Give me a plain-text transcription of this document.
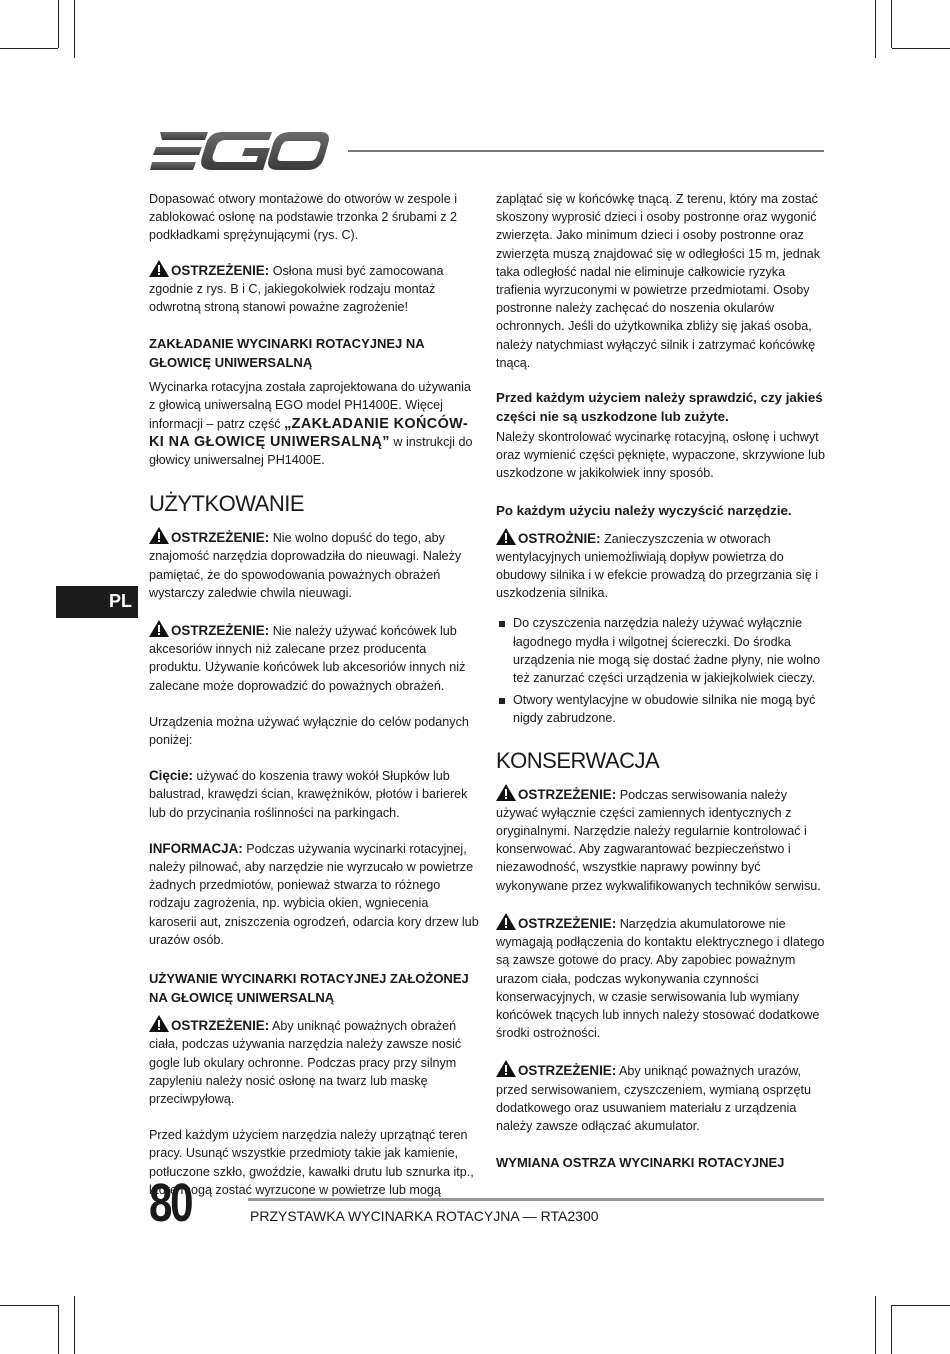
PL

Dopasować otwory montażowe do otworów w zespole i zablokować osłonę na podstawie trzonka 2 śrubami z 2 podkładkami sprężynującymi (rys. C).

OSTRZEŻENIE: Osłona musi być zamocowana zgodnie z rys. B i C, jakiegokolwiek rodzaju montaż odwrotną stroną stanowi poważne zagrożenie!

ZAKŁADANIE WYCINARKI ROTACYJNEJ NA GŁOWICĘ UNIWERSALNĄ

Wycinarka rotacyjna została zaprojektowana do używania z głowicą uniwersalną EGO model PH1400E. Więcej informacji – patrz część „ZAKŁADANIE KOŃCÓW-KI NA GŁOWICĘ UNIWERSALNĄ” w instrukcji do głowicy uniwersalnej PH1400E.

UŻYTKOWANIE

OSTRZEŻENIE: Nie wolno dopuść do tego, aby znajomość narzędzia doprowadziła do nieuwagi. Należy pamiętać, że do spowodowania poważnych obrażeń wystarczy zaledwie chwila nieuwagi.

OSTRZEŻENIE: Nie należy używać końcówek lub akcesoriów innych niż zalecane przez producenta produktu. Używanie końcówek lub akcesoriów innych niż zalecane może doprowadzić do poważnych obrażeń.

Urządzenia można używać wyłącznie do celów podanych poniżej:

Cięcie: używać do koszenia trawy wokół Słupków lub balustrad, krawędzi ścian, krawężników, płotów i barierek lub do przycinania roślinności na parkingach.

INFORMACJA: Podczas używania wycinarki rotacyjnej, należy pilnować, aby narzędzie nie wyrzucało w powietrze żadnych przedmiotów, ponieważ stwarza to różnego rodzaju zagrożenia, np. wybicia okien, wgniecenia karoserii aut, zniszczenia ogrodzeń, odarcia kory drzew lub urazów osób.

UŻYWANIE WYCINARKI ROTACYJNEJ ZAŁOŻONEJ NA GŁOWICĘ UNIWERSALNĄ

OSTRZEŻENIE: Aby uniknąć poważnych obrażeń ciała, podczas używania narzędzia należy zawsze nosić gogle lub okulary ochronne. Podczas pracy przy silnym zapyleniu należy nosić osłonę na twarz lub maskę przeciwpyłową.

Przed każdym użyciem narzędzia należy uprzątnąć teren pracy. Usunąć wszystkie przedmioty takie jak kamienie, potłuczone szkło, gwoździe, kawałki drutu lub sznurka itp., które mogą zostać wyrzucone w powietrze lub mogą

zaplątać się w końcówkę tnącą. Z terenu, który ma zostać skoszony wyprosić dzieci i osoby postronne oraz wygonić zwierzęta. Jako minimum dzieci i osoby postronne oraz zwierzęta muszą znajdować się w odległości 15 m, jednak taka odległość nadal nie eliminuje całkowicie ryzyka trafienia wyrzuconymi w powietrze przedmiotami. Osoby postronne należy zachęcać do noszenia okularów ochronnych. Jeśli do użytkownika zbliży się jakaś osoba, należy natychmiast wyłączyć silnik i zatrzymać końcówkę tnącą.

Przed każdym użyciem należy sprawdzić, czy jakieś części nie są uszkodzone lub zużyte.

Należy skontrolować wycinarkę rotacyjną, osłonę i uchwyt oraz wymienić części pęknięte, wypaczone, skrzywione lub uszkodzone w jakikolwiek inny sposób.

Po każdym użyciu należy wyczyścić narzędzie.

OSTROŻNIE: Zanieczyszczenia w otworach wentylacyjnych uniemożliwiają dopływ powietrza do obudowy silnika i w efekcie prowadzą do przegrzania się i uszkodzenia silnika.

Do czyszczenia narzędzia należy używać wyłącznie łagodnego mydła i wilgotnej ściereczki. Do środka urządzenia nie mogą się dostać żadne płyny, nie wolno też zanurzać części urządzenia w jakiejkolwiek cieczy.
Otwory wentylacyjne w obudowie silnika nie mogą być nigdy zabrudzone.
KONSERWACJA

OSTRZEŻENIE: Podczas serwisowania należy używać wyłącznie części zamiennych identycznych z oryginalnymi. Narzędzie należy regularnie kontrolować i konserwować. Aby zagwarantować bezpieczeństwo i niezawodność, wszystkie naprawy powinny być wykonywane przez wykwalifikowanych techników serwisu.

OSTRZEŻENIE: Narzędzia akumulatorowe nie wymagają podłączenia do kontaktu elektrycznego i dlatego są zawsze gotowe do pracy. Aby zapobiec poważnym urazom ciała, podczas wykonywania czynności konserwacyjnych, w czasie serwisowania lub wymiany końcówek tnących lub innych należy stosować dodatkowe środki ostrożności.

OSTRZEŻENIE: Aby uniknąć poważnych urazów, przed serwisowaniem, czyszczeniem, wymianą osprzętu dodatkowego oraz usuwaniem materiału z urządzenia należy zawsze odłączać akumulator.

WYMIANA OSTRZA WYCINARKI ROTACYJNEJ
80	PRZYSTAWKA WYCINARKA ROTACYJNA — RTA2300
